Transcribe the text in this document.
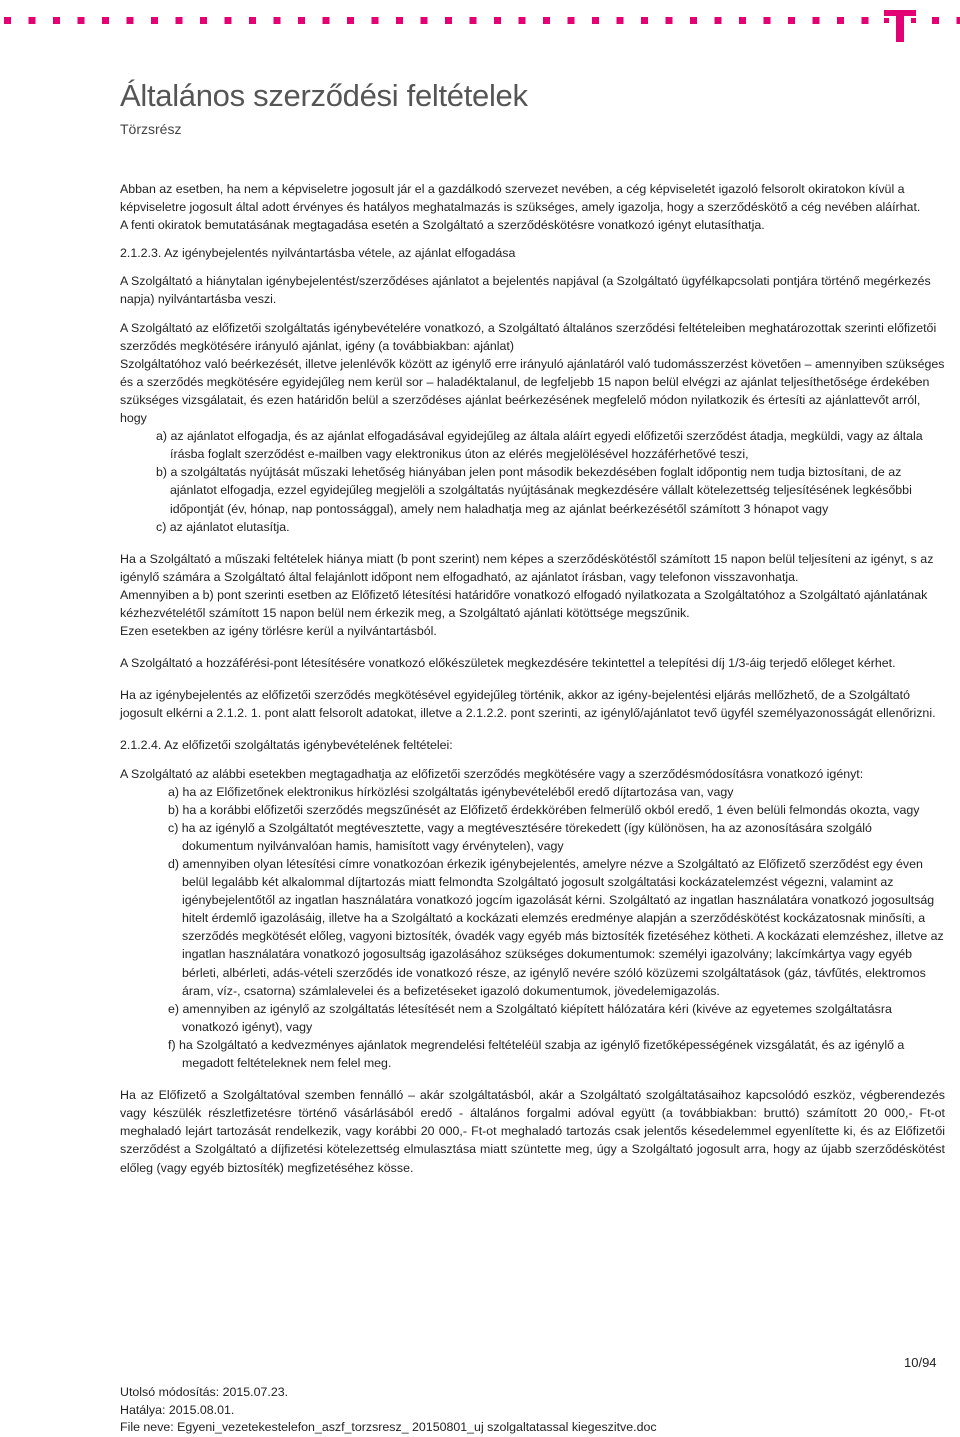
Általános szerződési feltételek
Törzsrész

Abban az esetben, ha nem a képviseletre jogosult jár el a gazdálkodó szervezet nevében, a cég képviseletét igazoló felsorolt okiratokon kívül a képviseletre jogosult által adott érvényes és hatályos meghatalmazás is szükséges, amely igazolja, hogy a szerződéskötő a cég nevében aláírhat.

A fenti okiratok bemutatásának megtagadása esetén a Szolgáltató a szerződéskötésre vonatkozó igényt elutasíthatja.

2.1.2.3. Az igénybejelentés nyilvántartásba vétele, az ajánlat elfogadása

A Szolgáltató a hiánytalan igénybejelentést/szerződéses ajánlatot a bejelentés napjával (a Szolgáltató ügyfélkapcsolati pontjára történő megérkezés napja) nyilvántartásba veszi.

A Szolgáltató az előfizetői szolgáltatás igénybevételére vonatkozó, a Szolgáltató általános szerződési feltételeiben meghatározottak szerinti előfizetői szerződés megkötésére irányuló ajánlat, igény (a továbbiakban: ajánlat)

Szolgáltatóhoz való beérkezését, illetve jelenlévők között az igénylő erre irányuló ajánlatáról való tudomásszerzést követően – amennyiben szükséges és a szerződés megkötésére egyidejűleg nem kerül sor – haladéktalanul, de legfeljebb 15 napon belül elvégzi az ajánlat teljesíthetősége érdekében szükséges vizsgálatait, és ezen határidőn belül a szerződéses ajánlat beérkezésének megfelelő módon nyilatkozik és értesíti az ajánlattevőt arról, hogy

a) az ajánlatot elfogadja, és az ajánlat elfogadásával egyidejűleg az általa aláírt egyedi előfizetői szerződést átadja, megküldi, vagy az általa írásba foglalt szerződést e-mailben vagy elektronikus úton az elérés megjelölésével hozzáférhetővé teszi,

b) a szolgáltatás nyújtását műszaki lehetőség hiányában jelen pont második bekezdésében foglalt időpontig nem tudja biztosítani, de az ajánlatot elfogadja, ezzel egyidejűleg megjelöli a szolgáltatás nyújtásának megkezdésére vállalt kötelezettség teljesítésének legkésőbbi időpontját (év, hónap, nap pontossággal), amely nem haladhatja meg az ajánlat beérkezésétől számított 3 hónapot vagy

c) az ajánlatot elutasítja.

Ha a Szolgáltató a műszaki feltételek hiánya miatt (b pont szerint) nem képes a szerződéskötéstől számított 15 napon belül teljesíteni az igényt, s az igénylő számára a Szolgáltató által felajánlott időpont nem elfogadható, az ajánlatot írásban, vagy telefonon visszavonhatja.

Amennyiben a b) pont szerinti esetben az Előfizető létesítési határidőre vonatkozó elfogadó nyilatkozata a Szolgáltatóhoz a Szolgáltató ajánlatának kézhezvételétől számított 15 napon belül nem érkezik meg, a Szolgáltató ajánlati kötöttsége megszűnik.

Ezen esetekben az igény törlésre kerül a nyilvántartásból.

A Szolgáltató a hozzáférési-pont létesítésére vonatkozó előkészületek megkezdésére tekintettel a telepítési díj 1/3-áig terjedő előleget kérhet.

Ha az igénybejelentés az előfizetői szerződés megkötésével egyidejűleg történik, akkor az igény-bejelentési eljárás mellőzhető, de a Szolgáltató jogosult elkérni a 2.1.2. 1. pont alatt felsorolt adatokat, illetve a 2.1.2.2. pont szerinti, az igénylő/ajánlatot tevő ügyfél személyazonosságát ellenőrizni.

2.1.2.4. Az előfizetői szolgáltatás igénybevételének feltételei:

A Szolgáltató az alábbi esetekben megtagadhatja az előfizetői szerződés megkötésére vagy a szerződésmódosításra vonatkozó igényt:

a) ha az Előfizetőnek elektronikus hírközlési szolgáltatás igénybevételéből eredő díjtartozása van, vagy

b) ha a korábbi előfizetői szerződés megszűnését az Előfizető érdekkörében felmerülő okból eredő, 1 éven belüli felmondás okozta, vagy

c) ha az igénylő a Szolgáltatót megtévesztette, vagy a megtévesztésére törekedett (így különösen, ha az azonosítására szolgáló dokumentum nyilvánvalóan hamis, hamisított vagy érvénytelen), vagy

d) amennyiben olyan létesítési címre vonatkozóan érkezik igénybejelentés, amelyre nézve a Szolgáltató az Előfizető szerződést egy éven belül legalább két alkalommal díjtartozás miatt felmondta Szolgáltató jogosult szolgáltatási kockázatelemzést végezni, valamint az igénybejelentőtől az ingatlan használatára vonatkozó jogcím igazolását kérni. Szolgáltató az ingatlan használatára vonatkozó jogosultság hitelt érdemlő igazolásáig, illetve ha a Szolgáltató a kockázati elemzés eredménye alapján a szerződéskötést kockázatosnak minősíti, a szerződés megkötését előleg, vagyoni biztosíték, óvadék vagy egyéb más biztosíték fizetéséhez kötheti. A kockázati elemzéshez, illetve az ingatlan használatára vonatkozó jogosultság igazolásához szükséges dokumentumok: személyi igazolvány; lakcímkártya vagy egyéb bérleti, albérleti, adás-vételi szerződés ide vonatkozó része, az igénylő nevére szóló közüzemi szolgáltatások (gáz, távfűtés, elektromos áram, víz-, csatorna) számlalevelei és a befizetéseket igazoló dokumentumok, jövedelemigazolás.

e) amennyiben az igénylő az szolgáltatás létesítését nem a Szolgáltató kiépített hálózatára kéri (kivéve az egyetemes szolgáltatásra vonatkozó igényt), vagy

f) ha Szolgáltató a kedvezményes ajánlatok megrendelési feltételéül szabja az igénylő fizetőképességének vizsgálatát, és az igénylő a megadott feltételeknek nem felel meg.

Ha az Előfizető a Szolgáltatóval szemben fennálló – akár szolgáltatásból, akár a Szolgáltató szolgáltatásaihoz kapcsolódó eszköz, végberendezés vagy készülék részletfizetésre történő vásárlásából eredő - általános forgalmi adóval együtt (a továbbiakban: bruttó) számított 20 000,- Ft-ot meghaladó lejárt tartozását rendelkezik, vagy korábbi 20 000,- Ft-ot meghaladó tartozás csak jelentős késedelemmel egyenlítette ki, és az Előfizetői szerződést a Szolgáltató a díjfizetési kötelezettség elmulasztása miatt szüntette meg, úgy a Szolgáltató jogosult arra, hogy az újabb szerződéskötést előleg (vagy egyéb biztosíték) megfizetéséhez kösse.

10/94
Utolsó módosítás: 2015.07.23.
Hatálya: 2015.08.01.
File neve: Egyeni_vezetekestelefon_aszf_torzsresz_ 20150801_uj szolgaltatassal kiegeszitve.doc
